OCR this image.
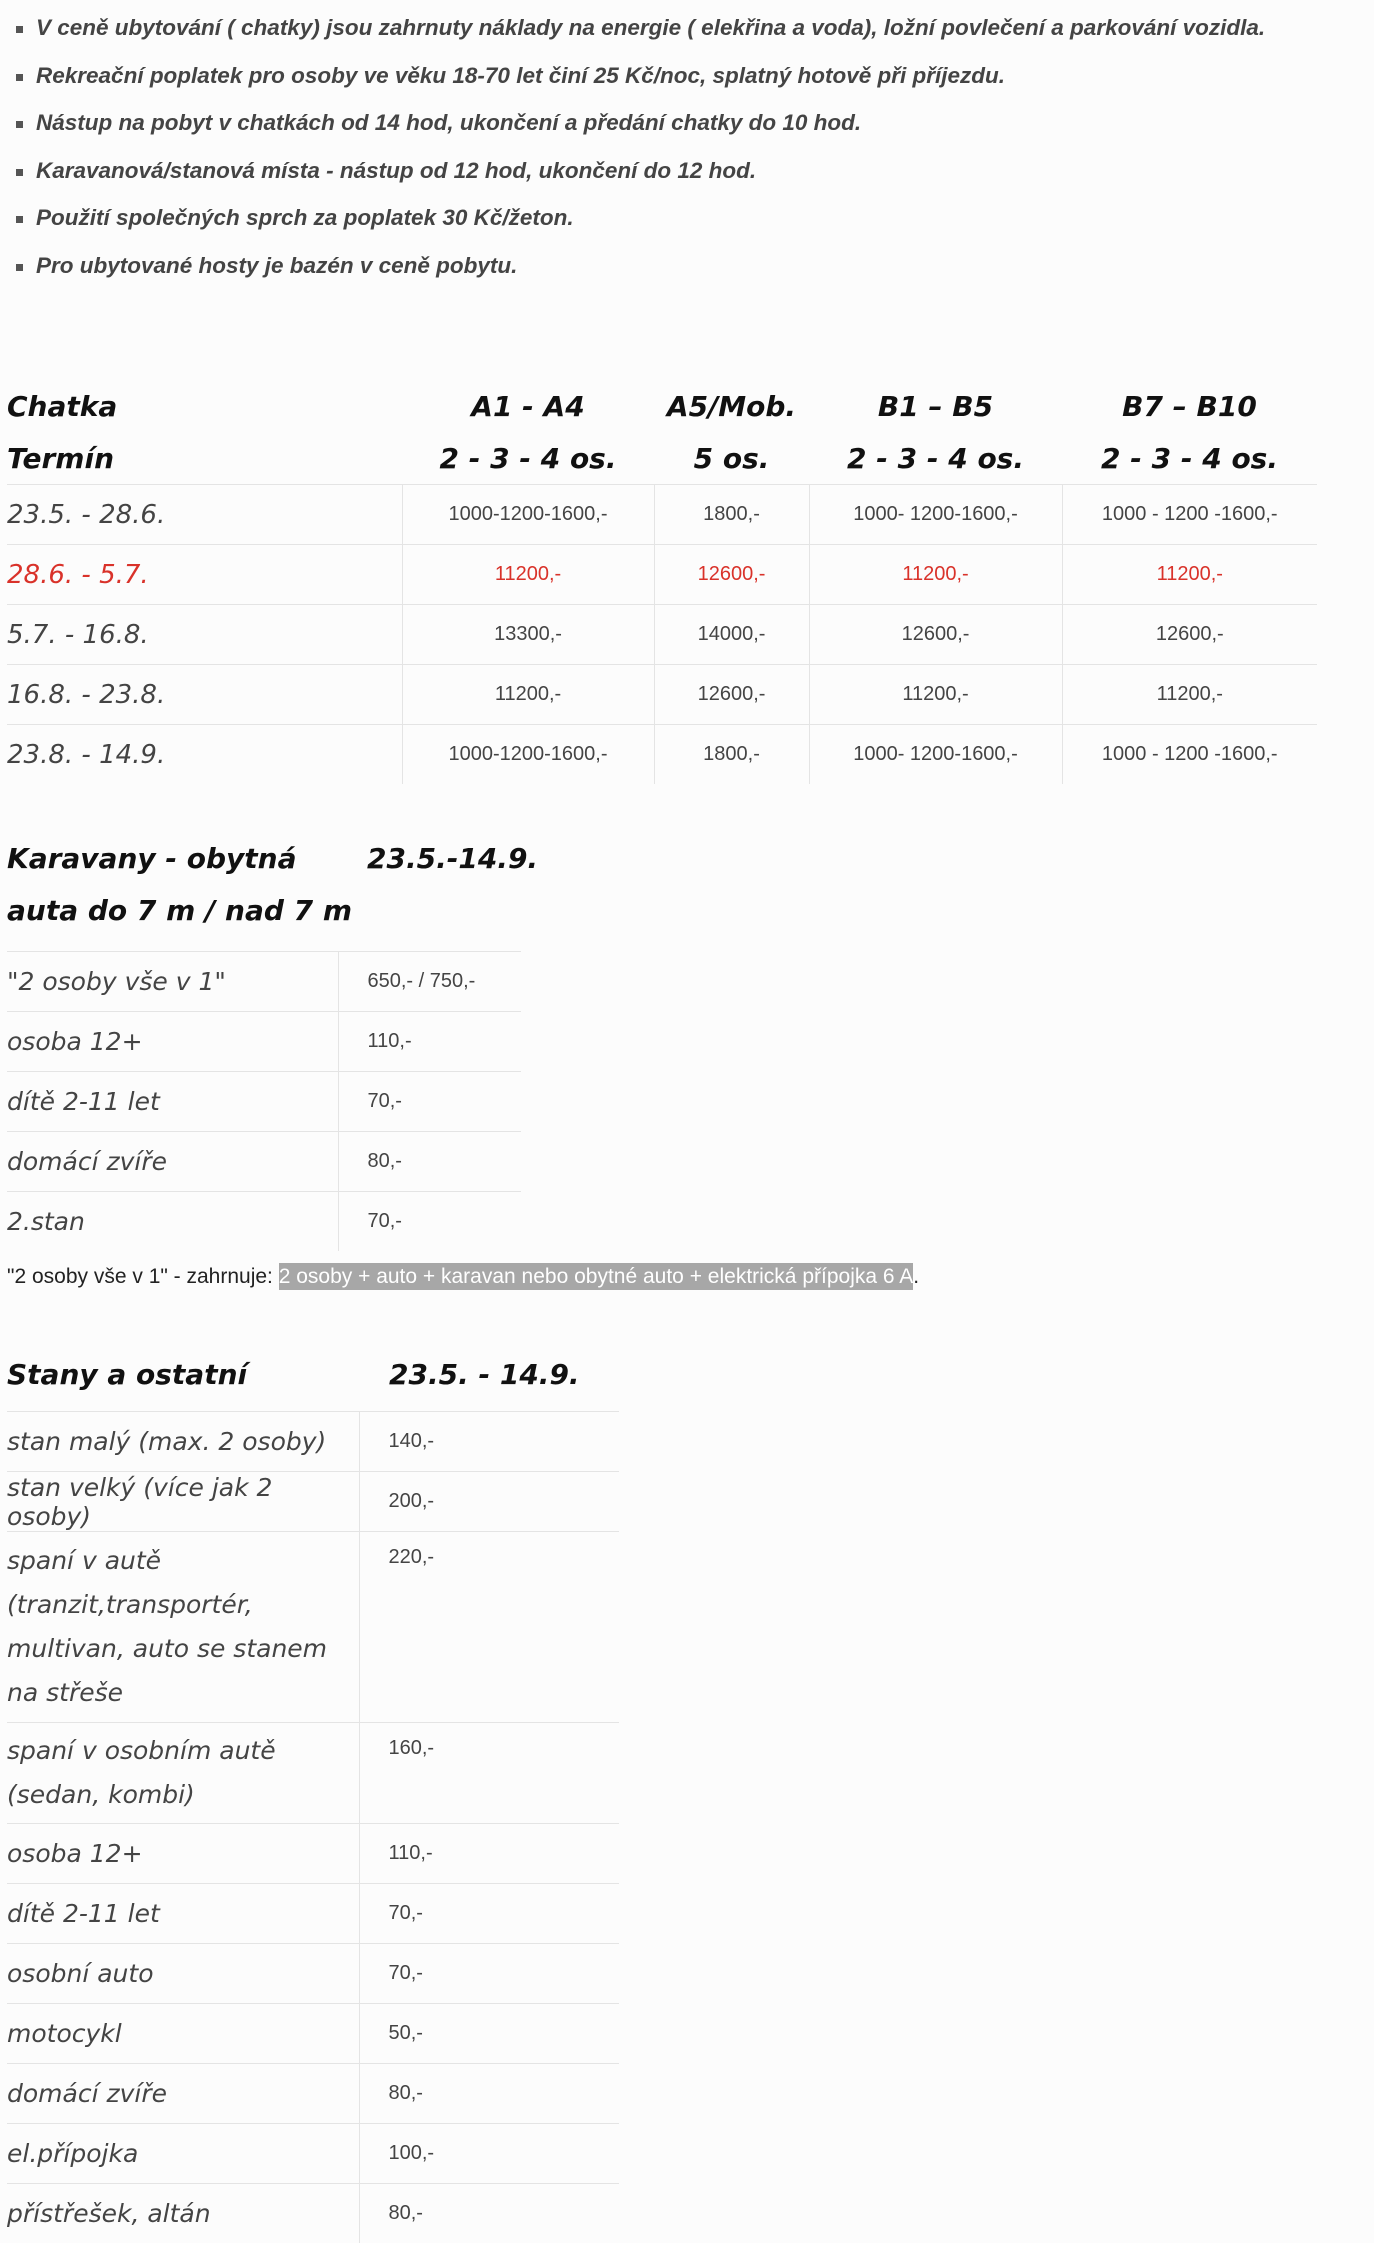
V ceně ubytování ( chatky) jsou zahrnuty náklady na energie ( elekřina a voda), ložní povlečení a parkování vozidla.
Rekreační poplatek pro osoby ve věku 18-70 let činí 25 Kč/noc, splatný hotově při příjezdu.
Nástup na pobyt v chatkách od 14 hod, ukončení a předání chatky do 10 hod.
Karavanová/stanová místa - nástup od 12 hod, ukončení do 12 hod.
Použití společných sprch za poplatek 30 Kč/žeton.
Pro ubytované hosty je bazén v ceně pobytu.
Chatka	A1 - A4	A5/Mob.	B1 – B5	B7 – B10
Termín	2 - 3 - 4 os.	5 os.	2 - 3 - 4 os.	2 - 3 - 4 os.
23.5. - 28.6.	1000-1200-1600,-	1800,-	1000- 1200-1600,-	1000 - 1200 -1600,-
28.6. - 5.7.	11200,-	12600,-	11200,-	11200,-
5.7. - 16.8.	13300,-	14000,-	12600,-	12600,-
16.8. - 23.8.	11200,-	12600,-	11200,-	11200,-
23.8. - 14.9.	1000-1200-1600,-	1800,-	1000- 1200-1600,-	1000 - 1200 -1600,-
Karavany - obytná
auta do 7 m / nad 7 m
23.5.-14.9.
"2 osoby vše v 1"	650,- / 750,-
osoba 12+	110,-
dítě 2-11 let	70,-
domácí zvíře	80,-
2.stan	70,-
"2 osoby vše v 1" - zahrnuje: 2 osoby + auto + karavan nebo obytné auto + elektrická přípojka 6 A.
Stany a ostatní	23.5. - 14.9.
stan malý (max. 2 osoby)	140,-
stan velký (více jak 2 osoby)	200,-
spaní v autě (tranzit,transportér, multivan, auto se stanem na střeše	220,-
spaní v osobním autě (sedan, kombi)	160,-
osoba 12+	110,-
dítě 2-11 let	70,-
osobní auto	70,-
motocykl	50,-
domácí zvíře	80,-
el.přípojka	100,-
přístřešek, altán	80,-
